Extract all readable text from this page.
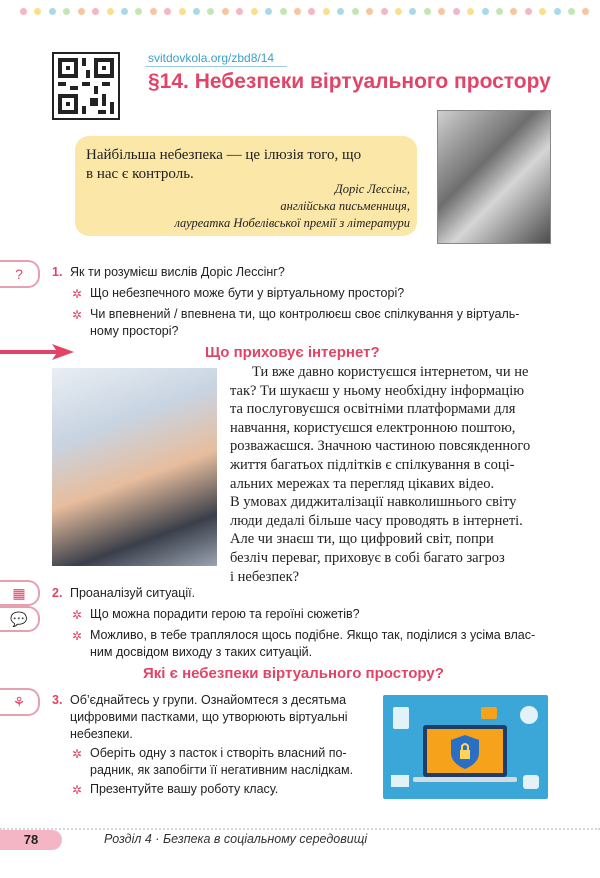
svitdovkola.org/zbd8/14
§14. Небезпеки віртуального простору
Найбільша небезпека — це ілюзія того, що
в нас є контроль.
Доріс Лессінг,
англійська письменниця,
лауреатка Нобелівської премії з літератури
?	1. Як ти розумієш вислів Доріс Лессінг?
✲ Що небезпечного може бути у віртуальному просторі?
✲ Чи впевнений / впевнена ти, що контролюєш своє спілкування у віртуаль-
ному просторі?
Що приховує інтернет?
Ти вже давно користуєшся інтернетом, чи не
так? Ти шукаєш у ньому необхідну інформацію
та послуговуєшся освітніми платформами для
навчання, користуєшся електронною поштою,
розважаєшся. Значною частиною повсякденного
життя багатьох підлітків є спілкування в соці-
альних мережах та перегляд цікавих відео.
В умовах диджиталізації навколишнього світу
люди дедалі більше часу проводять в інтернеті.
Але чи знаєш ти, що цифровий світ, попри
безліч переваг, приховує в собі багато загроз
і небезпек?
▦
💬
2. Проаналізуй ситуації.
✲ Що можна порадити герою та героїні сюжетів?
✲ Можливо, в тебе траплялося щось подібне. Якщо так, поділися з усіма влас-
ним досвідом виходу з таких ситуацій.
Які є небезпеки віртуального простору?
⚘	3. Об’єднайтесь у групи. Ознайомтеся з десятьма
цифровими пастками, що утворюють віртуальні
небезпеки.
✲ Оберіть одну з пасток і створіть власний по-
радник, як запобігти її негативним наслідкам.
✲ Презентуйте вашу роботу класу.
78	Розділ 4 · Безпека в соціальному середовищі
